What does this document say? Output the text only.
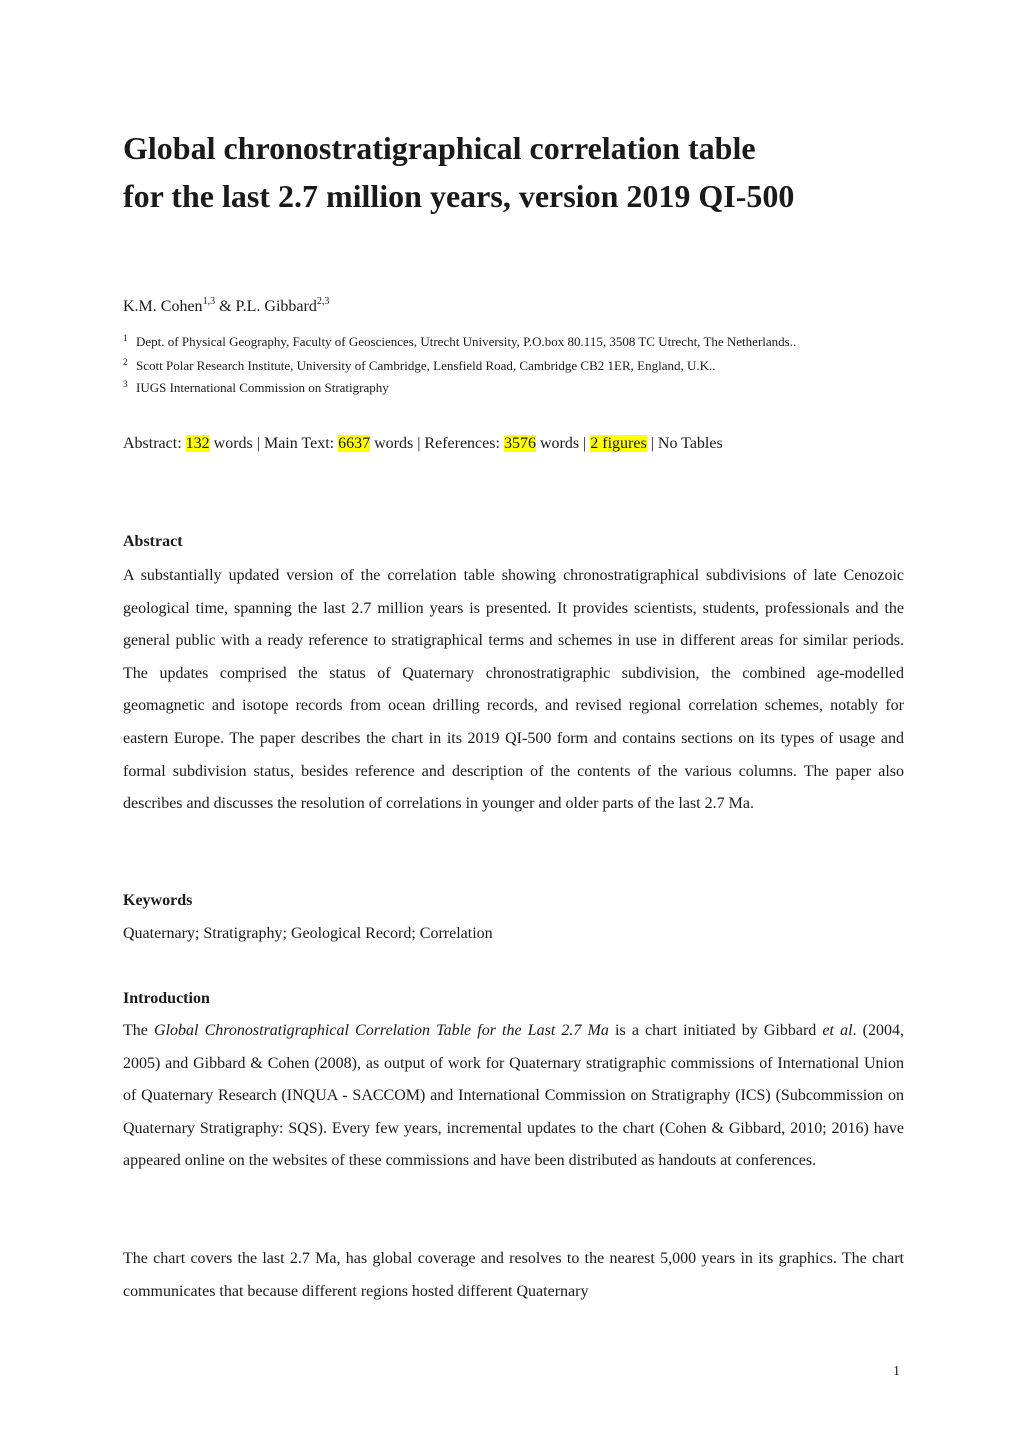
Global chronostratigraphical correlation table
for the last 2.7 million years, version 2019 QI-500
K.M. Cohen$^{1,3}$ & P.L. Gibbard$^{2,3}$
1 Dept. of Physical Geography, Faculty of Geosciences, Utrecht University, P.O.box 80.115, 3508 TC Utrecht, The Netherlands..
2 Scott Polar Research Institute, University of Cambridge, Lensfield Road, Cambridge CB2 1ER, England, U.K..
3 IUGS International Commission on Stratigraphy
Abstract: 132 words | Main Text: 6637 words | References: 3576 words | 2 figures | No Tables
Abstract

A substantially updated version of the correlation table showing chronostratigraphical subdivisions of late Cenozoic geological time, spanning the last 2.7 million years is presented. It provides scientists, students, professionals and the general public with a ready reference to stratigraphical terms and schemes in use in different areas for similar periods. The updates comprised the status of Quaternary chronostratigraphic subdivision, the combined age-modelled geomagnetic and isotope records from ocean drilling records, and revised regional correlation schemes, notably for eastern Europe. The paper describes the chart in its 2019 QI-500 form and contains sections on its types of usage and formal subdivision status, besides reference and description of the contents of the various columns. The paper also describes and discusses the resolution of correlations in younger and older parts of the last 2.7 Ma.

Keywords
Quaternary; Stratigraphy; Geological Record; Correlation
Introduction

The Global Chronostratigraphical Correlation Table for the Last 2.7 Ma is a chart initiated by Gibbard et al. (2004, 2005) and Gibbard & Cohen (2008), as output of work for Quaternary stratigraphic commissions of International Union of Quaternary Research (INQUA - SACCOM) and International Commission on Stratigraphy (ICS) (Subcommission on Quaternary Stratigraphy: SQS). Every few years, incremental updates to the chart (Cohen & Gibbard, 2010; 2016) have appeared online on the websites of these commissions and have been distributed as handouts at conferences.

The chart covers the last 2.7 Ma, has global coverage and resolves to the nearest 5,000 years in its graphics. The chart communicates that because different regions hosted different Quaternary

1
